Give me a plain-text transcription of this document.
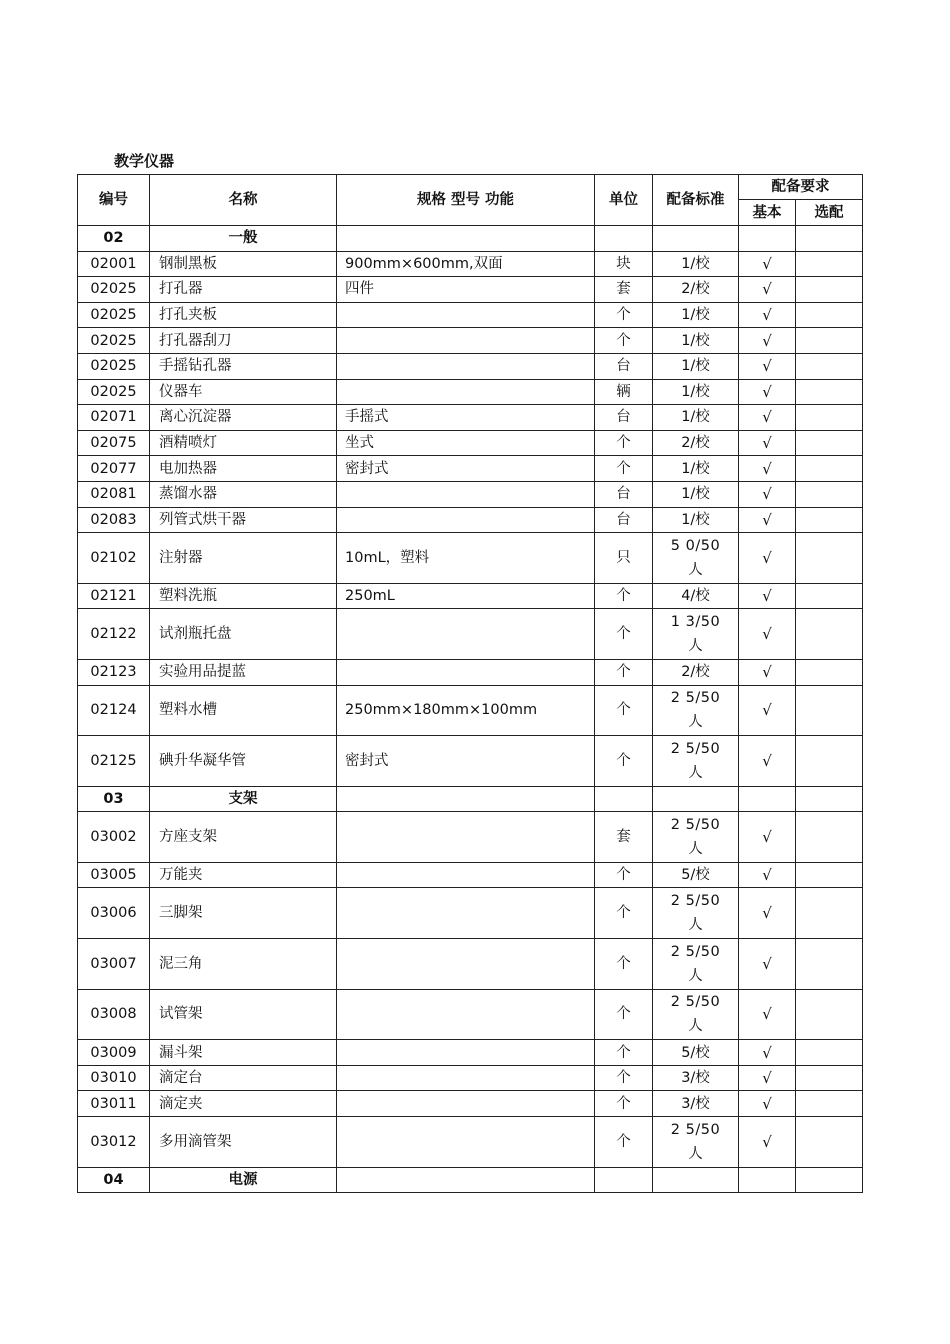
教学仪器
编号	名称	规格 型号 功能	单位	配备标准	配备要求	
					基本	选配
02	一般					
02001	钢制黑板	900mm×600mm,双面	块	1/校	√	
02025	打孔器	四件	套	2/校	√	
02025	打孔夹板		个	1/校	√	
02025	打孔器刮刀		个	1/校	√	
02025	手摇钻孔器		台	1/校	√	
02025	仪器车		辆	1/校	√	
02071	离心沉淀器	手摇式	台	1/校	√	
02075	酒精喷灯	坐式	个	2/校	√	
02077	电加热器	密封式	个	1/校	√	
02081	蒸馏水器		台	1/校	√	
02083	列管式烘干器		台	1/校	√	
02102	注射器	10mL，塑料	只	5 0/50
人	√	
02121	塑料洗瓶	250mL	个	4/校	√	
02122	试剂瓶托盘		个	1 3/50
人	√	
02123	实验用品提蓝		个	2/校	√	
02124	塑料水槽	250mm×180mm×100mm	个	2 5/50
人	√	
02125	碘升华凝华管	密封式	个	2 5/50
人	√	
03	支架					
03002	方座支架		套	2 5/50
人	√	
03005	万能夹		个	5/校	√	
03006	三脚架		个	2 5/50
人	√	
03007	泥三角		个	2 5/50
人	√	
03008	试管架		个	2 5/50
人	√	
03009	漏斗架		个	5/校	√	
03010	滴定台		个	3/校	√	
03011	滴定夹		个	3/校	√	
03012	多用滴管架		个	2 5/50
人	√	
04	电源					
